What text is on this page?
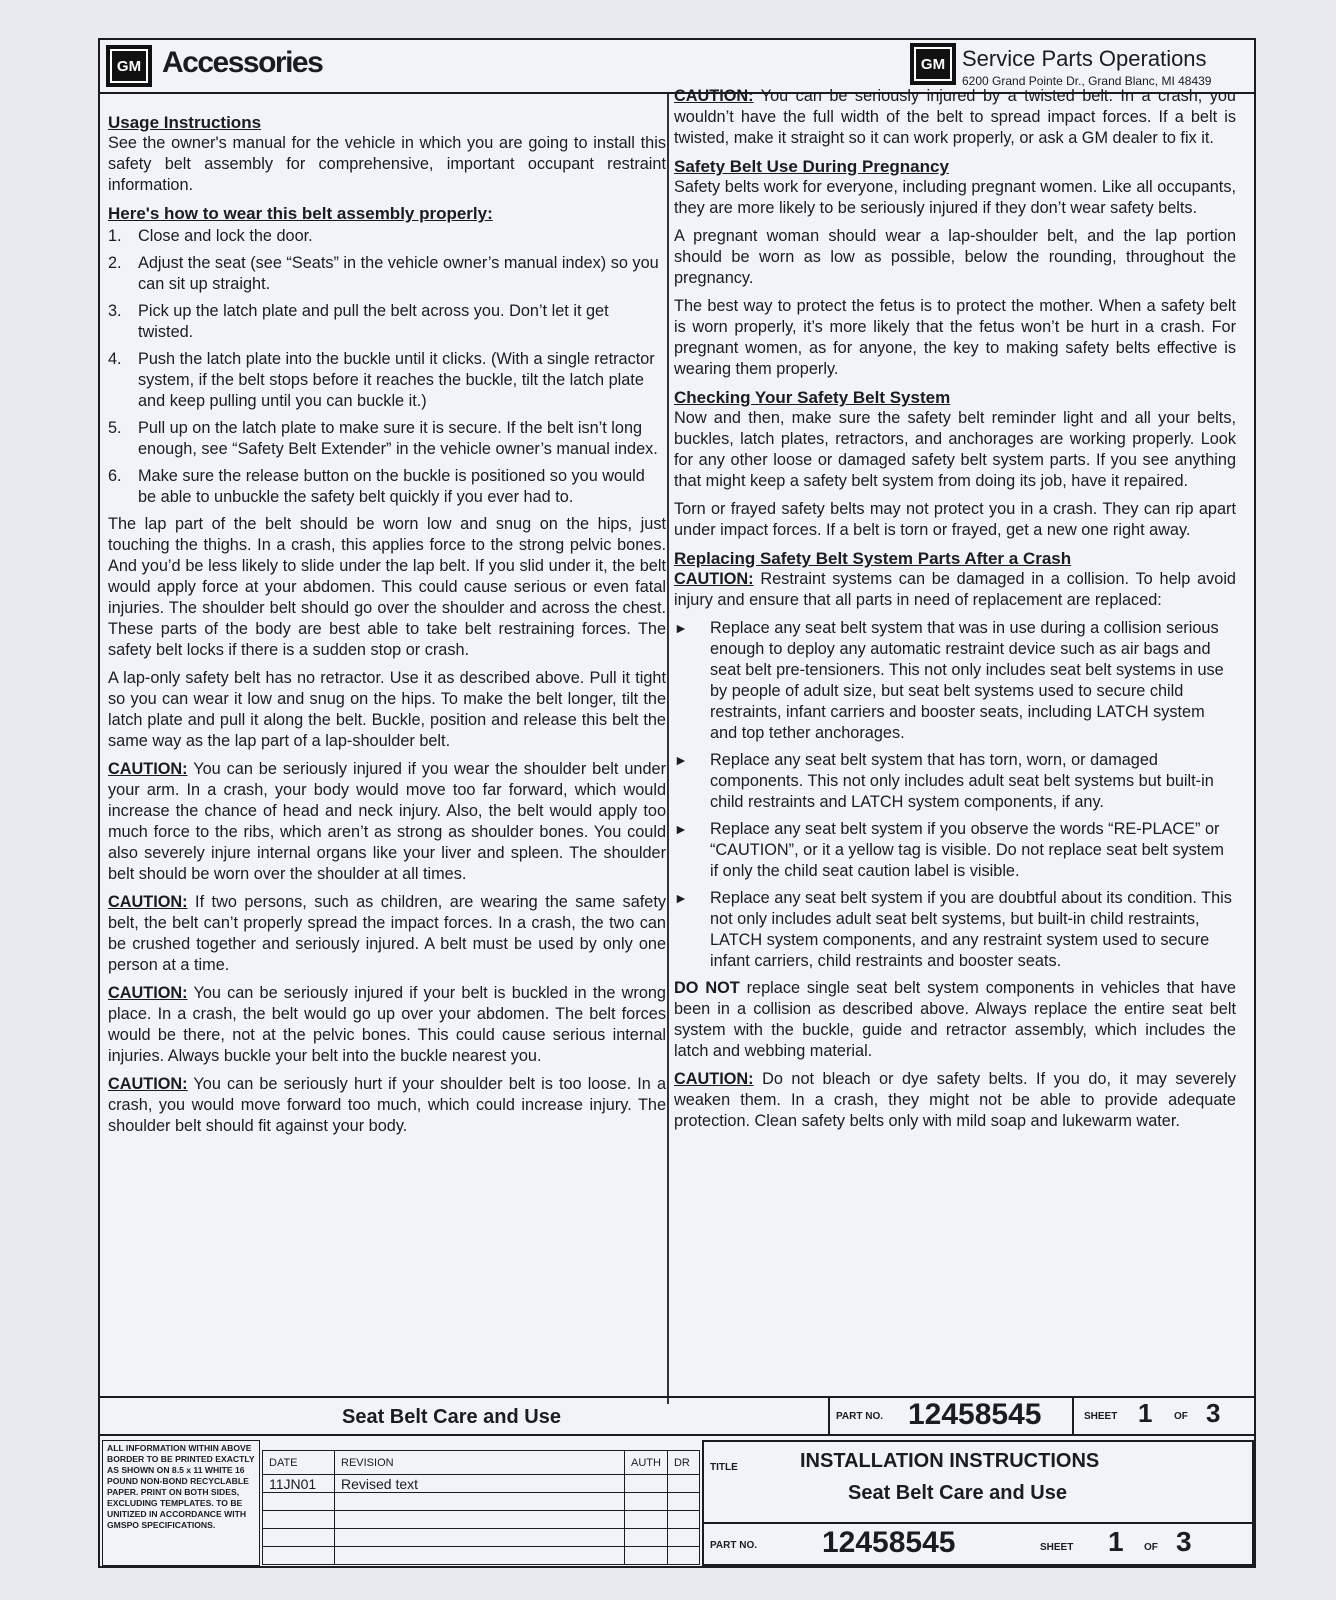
GM Accessories	GM Service Parts Operations
6200 Grand Pointe Dr., Grand Blanc, MI 48439
Usage Instructions
See the owner's manual for the vehicle in which you are going to install this safety belt assembly for comprehensive, important occupant restraint information.
Here's how to wear this belt assembly properly:
1.	Close and lock the door.
2.	Adjust the seat (see “Seats” in the vehicle owner’s manual index) so you can sit up straight.
3.	Pick up the latch plate and pull the belt across you. Don’t let it get twisted.
4.	Push the latch plate into the buckle until it clicks. (With a single retractor system, if the belt stops before it reaches the buckle, tilt the latch plate and keep pulling until you can buckle it.)
5.	Pull up on the latch plate to make sure it is secure. If the belt isn’t long enough, see “Safety Belt Extender” in the vehicle owner’s manual index.
6.	Make sure the release button on the buckle is positioned so you would be able to unbuckle the safety belt quickly if you ever had to.
The lap part of the belt should be worn low and snug on the hips, just touching the thighs. In a crash, this applies force to the strong pelvic bones. And you’d be less likely to slide under the lap belt. If you slid under it, the belt would apply force at your abdomen. This could cause serious or even fatal injuries. The shoulder belt should go over the shoulder and across the chest. These parts of the body are best able to take belt restraining forces. The safety belt locks if there is a sudden stop or crash.
A lap-only safety belt has no retractor. Use it as described above. Pull it tight so you can wear it low and snug on the hips. To make the belt longer, tilt the latch plate and pull it along the belt. Buckle, position and release this belt the same way as the lap part of a lap-shoulder belt.
CAUTION: You can be seriously injured if you wear the shoulder belt under your arm. In a crash, your body would move too far forward, which would increase the chance of head and neck injury. Also, the belt would apply too much force to the ribs, which aren’t as strong as shoulder bones. You could also severely injure internal organs like your liver and spleen. The shoulder belt should be worn over the shoulder at all times.
CAUTION: If two persons, such as children, are wearing the same safety belt, the belt can’t properly spread the impact forces. In a crash, the two can be crushed together and seriously injured. A belt must be used by only one person at a time.
CAUTION: You can be seriously injured if your belt is buckled in the wrong place. In a crash, the belt would go up over your abdomen. The belt forces would be there, not at the pelvic bones. This could cause serious internal injuries. Always buckle your belt into the buckle nearest you.
CAUTION: You can be seriously hurt if your shoulder belt is too loose. In a crash, you would move forward too much, which could increase injury. The shoulder belt should fit against your body.
CAUTION: You can be seriously injured by a twisted belt. In a crash, you wouldn’t have the full width of the belt to spread impact forces. If a belt is twisted, make it straight so it can work properly, or ask a GM dealer to fix it.
Safety Belt Use During Pregnancy
Safety belts work for everyone, including pregnant women. Like all occupants, they are more likely to be seriously injured if they don’t wear safety belts.
A pregnant woman should wear a lap-shoulder belt, and the lap portion should be worn as low as possible, below the rounding, throughout the pregnancy.
The best way to protect the fetus is to protect the mother. When a safety belt is worn properly, it’s more likely that the fetus won’t be hurt in a crash. For pregnant women, as for anyone, the key to making safety belts effective is wearing them properly.
Checking Your Safety Belt System
Now and then, make sure the safety belt reminder light and all your belts, buckles, latch plates, retractors, and anchorages are working properly. Look for any other loose or damaged safety belt system parts. If you see anything that might keep a safety belt system from doing its job, have it repaired.
Torn or frayed safety belts may not protect you in a crash. They can rip apart under impact forces. If a belt is torn or frayed, get a new one right away.
Replacing Safety Belt System Parts After a Crash
CAUTION: Restraint systems can be damaged in a collision. To help avoid injury and ensure that all parts in need of replacement are replaced:
►	Replace any seat belt system that was in use during a collision serious enough to deploy any automatic restraint device such as air bags and seat belt pre-tensioners. This not only includes seat belt systems in use by people of adult size, but seat belt systems used to secure child restraints, infant carriers and booster seats, including LATCH system and top tether anchorages.
►	Replace any seat belt system that has torn, worn, or damaged components. This not only includes adult seat belt systems but built-in child restraints and LATCH system components, if any.
►	Replace any seat belt system if you observe the words “RE-PLACE” or “CAUTION”, or it a yellow tag is visible. Do not replace seat belt system if only the child seat caution label is visible.
►	Replace any seat belt system if you are doubtful about its condition. This not only includes adult seat belt systems, but built-in child restraints, LATCH system components, and any restraint system used to secure infant carriers, child restraints and booster seats.
DO NOT replace single seat belt system components in vehicles that have been in a collision as described above. Always replace the entire seat belt system with the buckle, guide and retractor assembly, which includes the latch and webbing material.
CAUTION: Do not bleach or dye safety belts. If you do, it may severely weaken them. In a crash, they might not be able to provide adequate protection. Clean safety belts only with mild soap and lukewarm water.
Seat Belt Care and Use	PART NO. 12458545	SHEET 1 OF 3
ALL INFORMATION WITHIN ABOVE BORDER TO BE PRINTED EXACTLY AS SHOWN ON 8.5 x 11 WHITE 16 POUND NON-BOND RECYCLABLE PAPER. PRINT ON BOTH SIDES, EXCLUDING TEMPLATES. TO BE UNITIZED IN ACCORDANCE WITH GMSPO SPECIFICATIONS.
DATE	REVISION	AUTH	DR
11JN01	Revised text		

TITLE	INSTALLATION INSTRUCTIONS
Seat Belt Care and Use
PART NO. 12458545	SHEET 1 OF 3
